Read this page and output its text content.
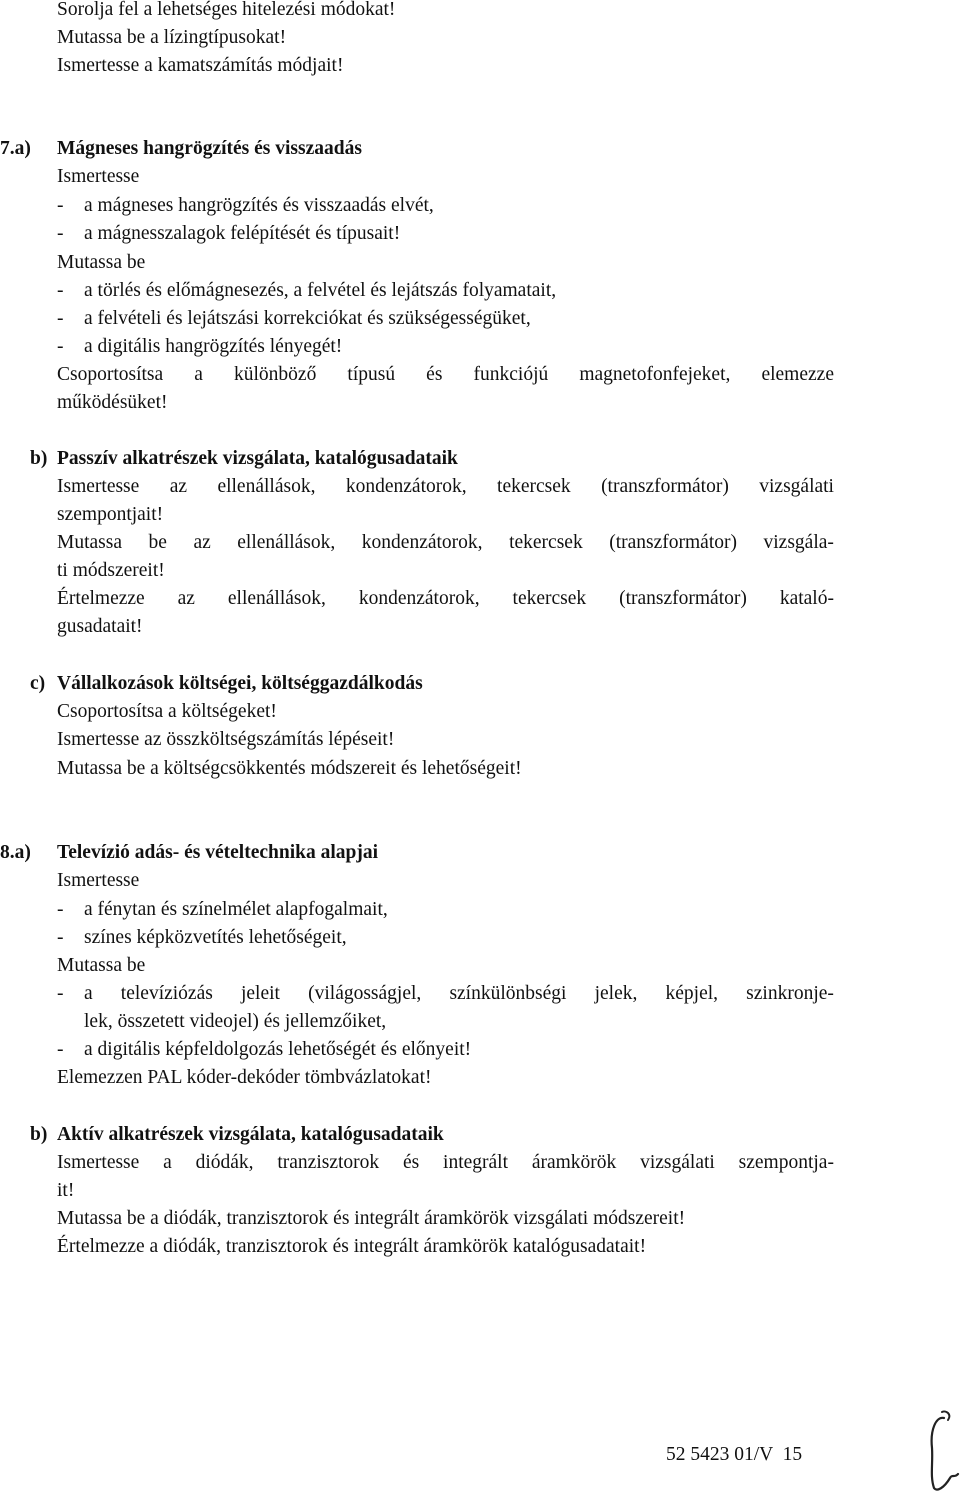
Sorolja fel a lehetséges hitelezési módokat!
Mutassa be a lízingtípusokat!
Ismertesse a kamatszámítás módjait!
7.a) Mágneses hangrögzítés és visszaadás
Ismertesse
- a mágneses hangrögzítés és visszaadás elvét,
- a mágnesszalagok felépítését és típusait!
Mutassa be
- a törlés és előmágnesezés, a felvétel és lejátszás folyamatait,
- a felvételi és lejátszási korrekciókat és szükségességüket,
- a digitális hangrögzítés lényegét!
Csoportosítsa a különböző típusú és funkciójú magnetofonfejeket, elemezze
működésüket!
b) Passzív alkatrészek vizsgálata, katalógusadataik
Ismertesse az ellenállások, kondenzátorok, tekercsek (transzformátor) vizsgálati
szempontjait!
Mutassa be az ellenállások, kondenzátorok, tekercsek (transzformátor) vizsgála-
ti módszereit!
Értelmezze az ellenállások, kondenzátorok, tekercsek (transzformátor) kataló-
gusadatait!
c) Vállalkozások költségei, költséggazdálkodás
Csoportosítsa a költségeket!
Ismertesse az összköltségszámítás lépéseit!
Mutassa be a költségcsökkentés módszereit és lehetőségeit!
8.a) Televízió adás- és vételtechnika alapjai
Ismertesse
- a fénytan és színelmélet alapfogalmait,
- színes képközvetítés lehetőségeit,
Mutassa be
- a televíziózás jeleit (világosságjel, színkülönbségi jelek, képjel, szinkronje-
lek, összetett videojel) és jellemzőiket,
- a digitális képfeldolgozás lehetőségét és előnyeit!
Elemezzen PAL kóder-dekóder tömbvázlatokat!
b) Aktív alkatrészek vizsgálata, katalógusadataik
Ismertesse a diódák, tranzisztorok és integrált áramkörök vizsgálati szempontja-
it!
Mutassa be a diódák, tranzisztorok és integrált áramkörök vizsgálati módszereit!
Értelmezze a diódák, tranzisztorok és integrált áramkörök katalógusadatait!
52 5423 01/V  15
